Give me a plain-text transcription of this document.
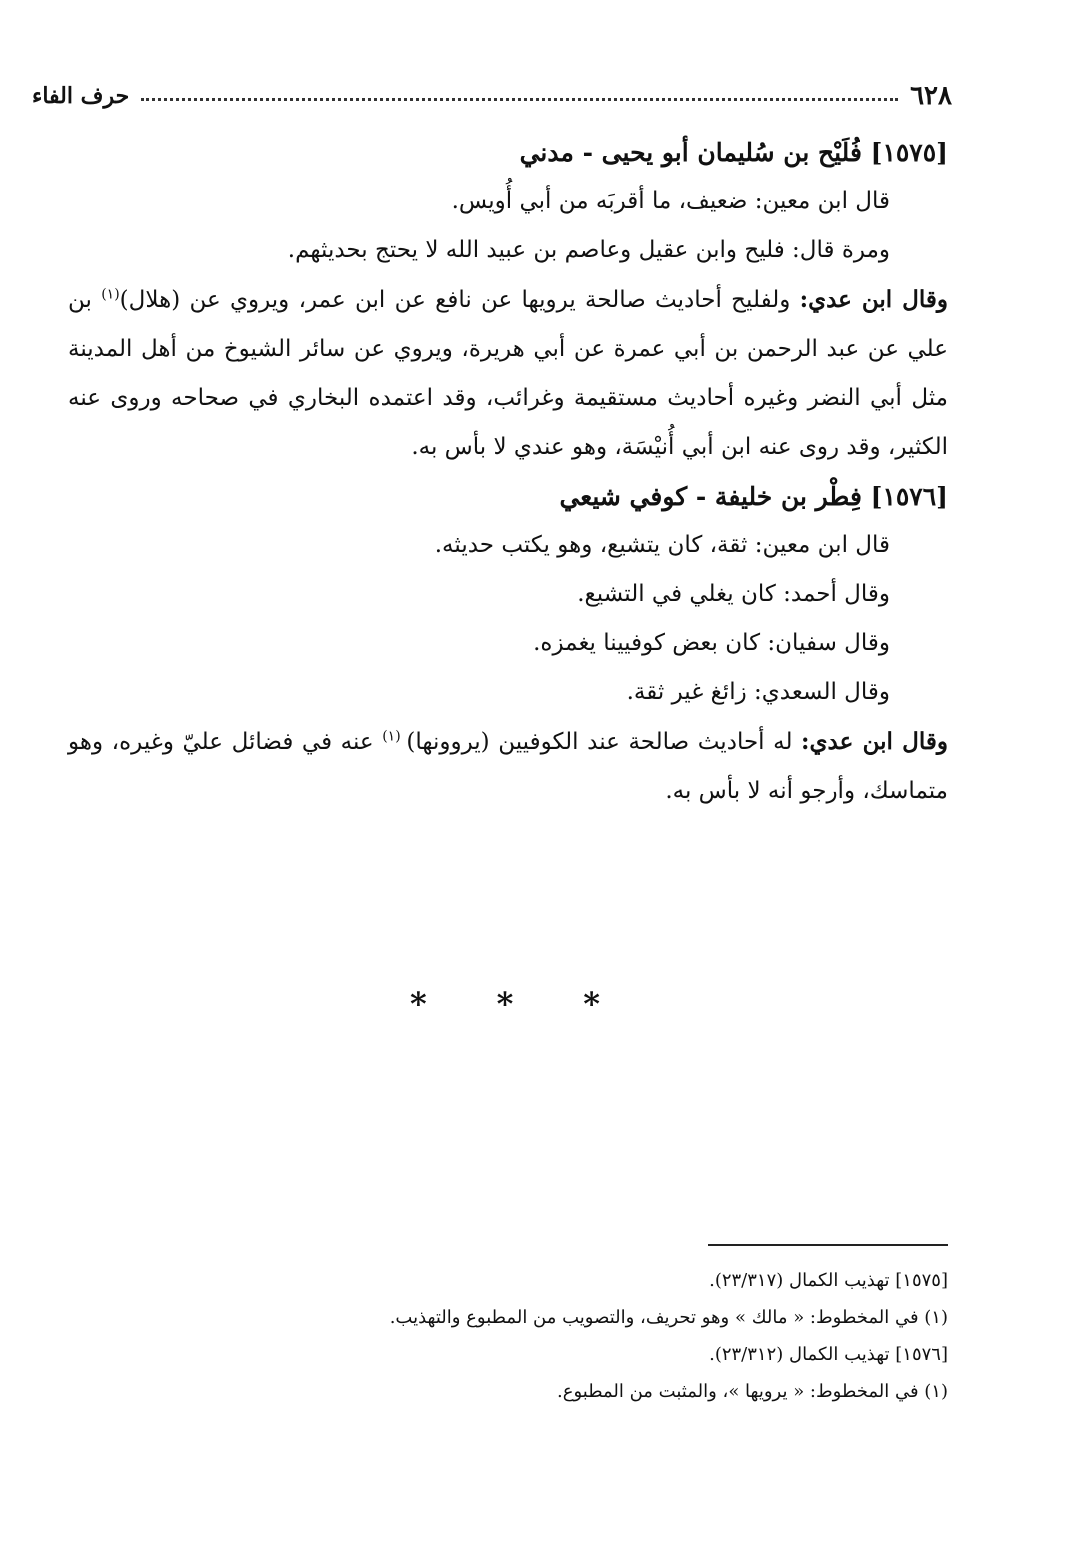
٦٢٨
حرف الفاء

[١٥٧٥] فُلَيْح بن سُليمان أبو يحيى - مدني

قال ابن معين: ضعيف، ما أقربَه من أبي أُويس.

ومرة قال: فليح وابن عقيل وعاصم بن عبيد الله لا يحتج بحديثهم.

وقال ابن عدي: ولفليح أحاديث صالحة يرويها عن نافع عن ابن عمر، ويروي عن (هلال)$^{(١)}$ بن علي عن عبد الرحمن بن أبي عمرة عن أبي هريرة، ويروي عن سائر الشيوخ من أهل المدينة مثل أبي النضر وغيره أحاديث مستقيمة وغرائب، وقد اعتمده البخاري في صحاحه وروى عنه الكثير، وقد روى عنه ابن أبي أُنيْسَة، وهو عندي لا بأس به.

[١٥٧٦] فِطْر بن خليفة - كوفي شيعي

قال ابن معين: ثقة، كان يتشيع، وهو يكتب حديثه.

وقال أحمد: كان يغلي في التشيع.

وقال سفيان: كان بعض كوفيينا يغمزه.

وقال السعدي: زائغ غير ثقة.

وقال ابن عدي: له أحاديث صالحة عند الكوفيين (يروونها) $^{(١)}$ عنه في فضائل عليّ وغيره، وهو متماسك، وأرجو أنه لا بأس به.

* * *

[١٥٧٥] تهذيب الكمال (٢٣/٣١٧).

(١) في المخطوط: « مالك » وهو تحريف، والتصويب من المطبوع والتهذيب.

[١٥٧٦] تهذيب الكمال (٢٣/٣١٢).

(١) في المخطوط: « يرويها »، والمثبت من المطبوع.
